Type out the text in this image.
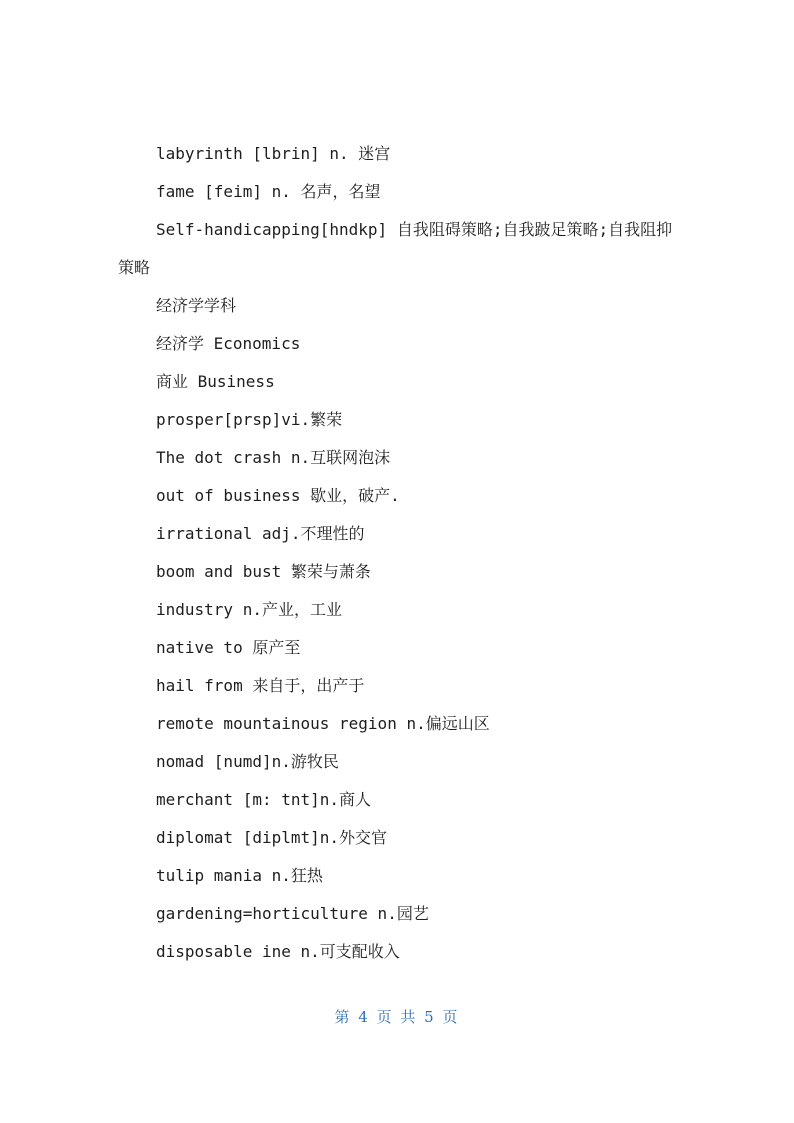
labyrinth [lbrin] n. 迷宫

fame [feim] n. 名声，名望

Self-handicapping[hndkp] 自我阻碍策略;自我跛足策略;自我阻抑策略

经济学学科

经济学 Economics

商业 Business

prosper[prsp]vi.繁荣

The dot crash n.互联网泡沫

out of business 歇业，破产.

irrational adj.不理性的

boom and bust 繁荣与萧条

industry n.产业，工业

native to 原产至

hail from 来自于，出产于

remote mountainous region n.偏远山区

nomad [numd]n.游牧民

merchant [m: tnt]n.商人

diplomat [diplmt]n.外交官

tulip mania n.狂热

gardening=horticulture n.园艺

disposable ine n.可支配收入

第 4 页 共 5 页
